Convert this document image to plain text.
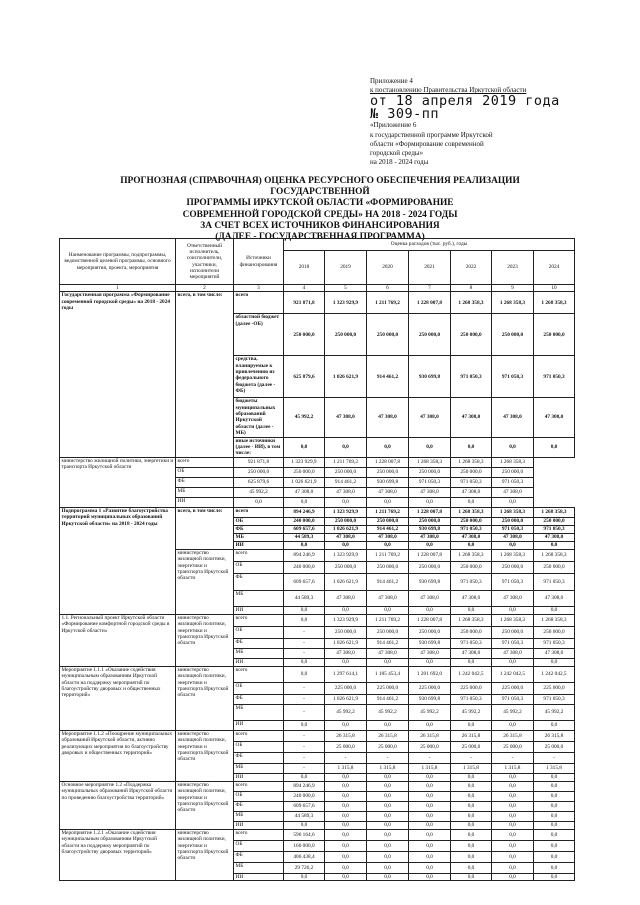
Приложение 4
к постановлению Правительства Иркутской области
от 18 апреля 2019 года
№ 309-пп
«Приложение 6
к государственной программе Иркутской
области «Формирование современной
городской среды»
на 2018 - 2024 годы
ПРОГНОЗНАЯ (СПРАВОЧНАЯ) ОЦЕНКА РЕСУРСНОГО ОБЕСПЕЧЕНИЯ РЕАЛИЗАЦИИ ГОСУДАРСТВЕННОЙ
ПРОГРАММЫ ИРКУТСКОЙ ОБЛАСТИ «ФОРМИРОВАНИЕ
СОВРЕМЕННОЙ ГОРОДСКОЙ СРЕДЫ» НА 2018 - 2024 ГОДЫ
ЗА СЧЕТ ВСЕХ ИСТОЧНИКОВ ФИНАНСИРОВАНИЯ
(ДАЛЕЕ - ГОСУДАРСТВЕННАЯ ПРОГРАММА)
Наименование программы, подпрограммы, ведомственной целевой программы, основного мероприятия, проекта, мероприятия	Ответственный исполнитель, соисполнители, участники, исполнители мероприятий	Источники финансирования	Оценка расходов (тыс. руб.), годы						
			2018	2019	2020	2021	2022	2023	2024
1	2	3	4	5	6	7	8	9	10
Государственная программа «Формирование современной городской среды» на 2018 - 2024 годы	всего, в том числе:	всего	921 871,8	1 323 929,9	1 211 769,2	1 228 007,8	1 268 358,3	1 268 358,3	1 268 358,3
		областной бюджет (далее -ОБ)	250 000,0	250 000,0	250 000,0	250 000,0	250 000,0	250 000,0	250 000,0
		средства, планируемые к привлечению из федерального бюджета (далее - ФБ)	625 879,6	1 026 621,9	914 461,2	930 699,8	971 050,3	971 050,3	971 050,3
		бюджеты муниципальных образований Иркутской области (далее - МБ)	45 992,2	47 308,0	47 308,0	47 308,0	47 308,0	47 308,0	47 308,0
		иные источники (далее - ИИ), в том числе:	0,0	0,0	0,0	0,0	0,0	0,0	0,0
министерство жилищной политики, энергетики и транспорта Иркутской области	всего	921 871,8	1 323 929,9	1 211 769,2	1 228 007,8	1 268 358,3	1 268 358,3	1 268 358,3	
	ОБ	250 000,0	250 000,0	250 000,0	250 000,0	250 000,0	250 000,0	250 000,0	
	ФБ	625 879,6	1 026 621,9	914 461,2	930 699,8	971 050,3	971 050,3	971 050,3	
	МБ	45 992,2	47 308,0	47 308,0	47 308,0	47 308,0	47 308,0	47 308,0	
	ИИ	0,0	0,0	0,0	0,0	0,0	0,0	0,0	
Подпрограмма 1 «Развитие благоустройства территорий муниципальных образований Иркутской области» на 2018 - 2024 годы	всего, в том числе:	всего	894 246,9	1 323 929,9	1 211 769,2	1 228 007,8	1 268 358,3	1 268 358,3	1 268 358,3
		ОБ	240 000,0	250 000,0	250 000,0	250 000,0	250 000,0	250 000,0	250 000,0
		ФБ	609 657,6	1 026 621,9	914 461,2	930 699,8	971 050,3	971 050,3	971 050,3
		МБ	44 589,3	47 308,0	47 308,0	47 308,0	47 308,0	47 308,0	47 308,0
		ИИ	0,0	0,0	0,0	0,0	0,0	0,0	0,0
	министерство жилищной политики, энергетики и транспорта Иркутской области	всего	894 246,9	1 323 929,9	1 211 769,2	1 228 007,8	1 268 358,3	1 268 358,3	1 268 358,3
		ОБ	240 000,0	250 000,0	250 000,0	250 000,0	250 000,0	250 000,0	250 000,0
		ФБ	609 657,6	1 026 621,9	914 461,2	930 699,8	971 050,3	971 050,3	971 050,3
		МБ	44 589,3	47 308,0	47 308,0	47 308,0	47 308,0	47 308,0	47 308,0
		ИИ	0,0	0,0	0,0	0,0	0,0	0,0	0,0
1.1. Региональный проект Иркутской области «Формирование комфортной городской среды в Иркутской области»	министерство жилищной политики, энергетики и транспорта Иркутской области	всего	0,0	1 323 929,9	1 211 769,2	1 228 007,8	1 268 358,3	1 268 358,3	1 268 358,3
		ОБ	-	250 000,0	250 000,0	250 000,0	250 000,0	250 000,0	250 000,0
		ФБ	-	1 026 621,9	914 461,2	930 699,8	971 050,3	971 050,3	971 050,3
		МБ	-	47 308,0	47 308,0	47 308,0	47 308,0	47 308,0	47 308,0
		ИИ	0,0	0,0	0,0	0,0	0,0	0,0	0,0
Мероприятие 1.1.1 «Оказание содействия муниципальным образованиям Иркутской области на поддержку мероприятий по благоустройству дворовых и общественных территорий»	министерство жилищной политики, энергетики и транспорта Иркутской области	всего	0,0	1 297 614,1	1 185 453,4	1 201 692,0	1 242 042,5	1 242 042,5	1 242 042,5
		ОБ	-	225 000,0	225 000,0	225 000,0	225 000,0	225 000,0	225 000,0
		ФБ	-	1 026 621,9	914 461,2	930 699,8	971 050,3	971 050,3	971 050,3
		МБ	-	45 992,2	45 992,2	45 992,2	45 992,2	45 992,2	45 992,2
		ИИ	0,0	0,0	0,0	0,0	0,0	0,0	0,0
Мероприятие 1.1.2 «Поощрение муниципальных образований Иркутской области, активно реализующих мероприятия по благоустройству дворовых и общественных территорий»	министерство жилищной политики, энергетики и транспорта Иркутской области	всего	-	26 315,8	26 315,8	26 315,8	26 315,8	26 315,8	26 315,8
		ОБ	-	25 000,0	25 000,0	25 000,0	25 000,0	25 000,0	25 000,0
		ФБ	-	-	-	-	-	-	-
		МБ	-	1 315,8	1 315,8	1 315,8	1 315,8	1 315,8	1 315,8
		ИИ	0,0	0,0	0,0	0,0	0,0	0,0	0,0
Основное мероприятие 1.2 «Поддержка муниципальных образований Иркутской области по проведению благоустройства территорий»	министерство жилищной политики, энергетики и транспорта Иркутской области	всего	894 246,9	0,0	0,0	0,0	0,0	0,0	0,0
		ОБ	240 000,0	0,0	0,0	0,0	0,0	0,0	0,0
		ФБ	609 657,6	0,0	0,0	0,0	0,0	0,0	0,0
		МБ	44 589,3	0,0	0,0	0,0	0,0	0,0	0,0
		ИИ	0,0	0,0	0,0	0,0	0,0	0,0	0,0
Мероприятие 1.2.1 «Оказание содействия муниципальным образованиям Иркутской области на поддержку мероприятий по благоустройству дворовых территорий»	министерство жилищной политики, энергетики и транспорта Иркутской области	всего	596 164,6	0,0	0,0	0,0	0,0	0,0	0,0
		ОБ	160 000,0	0,0	0,0	0,0	0,0	0,0	0,0
		ФБ	406 438,4	0,0	0,0	0,0	0,0	0,0	0,0
		МБ	29 726,2	0,0	0,0	0,0	0,0	0,0	0,0
		ИИ	0,0	0,0	0,0	0,0	0,0	0,0	0,0
